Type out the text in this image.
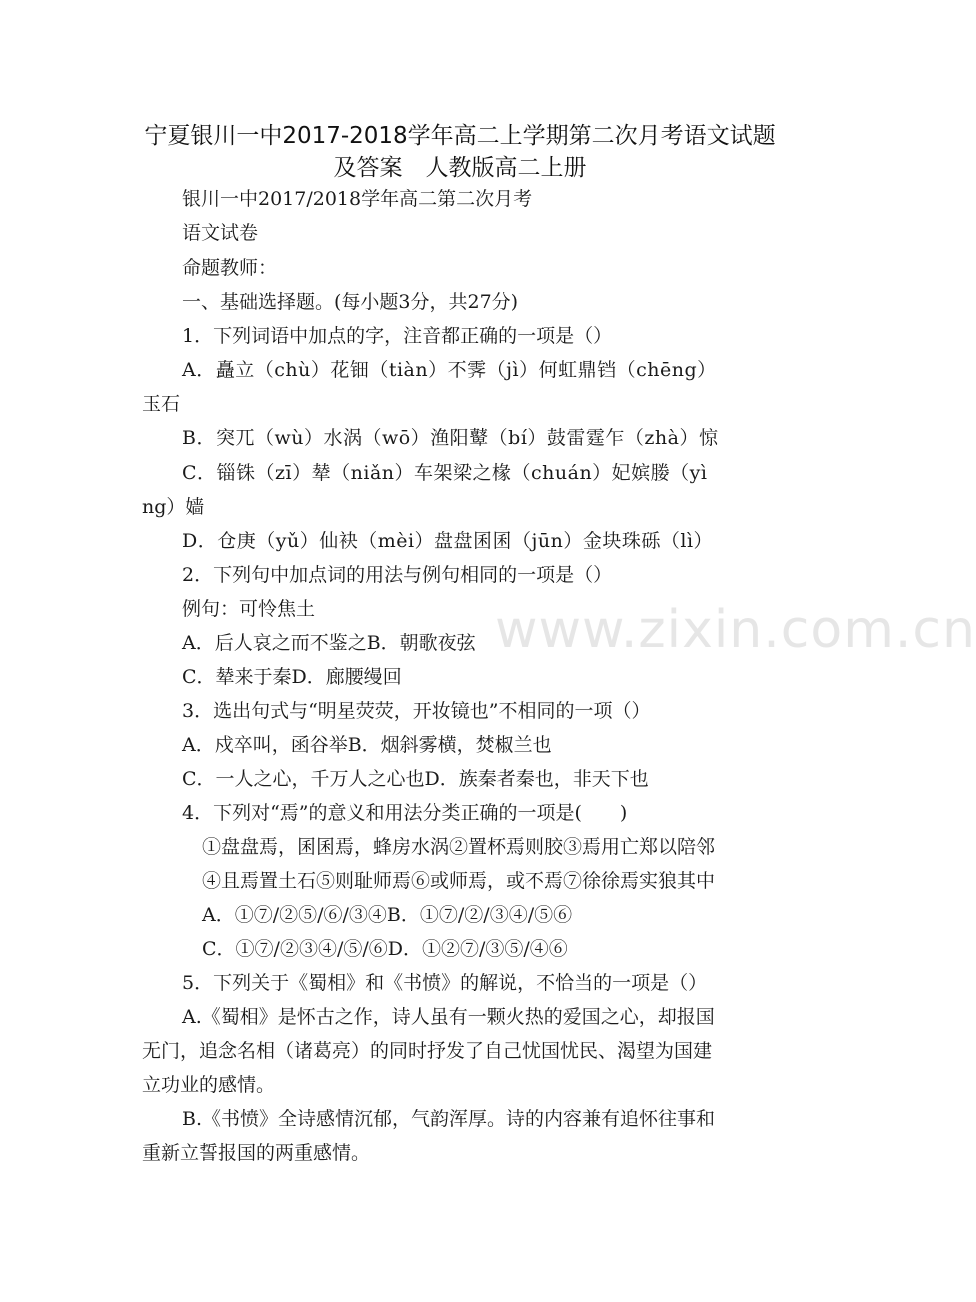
www.zixin.com.cn
宁夏银川一中2017-2018学年高二上学期第二次月考语文试题
及答案　人教版高二上册
银川一中2017/2018学年高二第二次月考
语文试卷
命题教师：
一、基础选择题。(每小题3分，共27分)
1．下列词语中加点的字，注音都正确的一项是（）
A．矗立（chù）花钿（tiàn）不霁（jì）何虹鼎铛（chēng）
玉石
B．突兀（wù）水涡（wō）渔阳鼙（bí）鼓雷霆乍（zhà）惊
C．锱铢（zī）辇（niǎn）车架梁之椽（chuán）妃嫔媵（yì
ng）嫱
D．仓庚（yǔ）仙袂（mèi）盘盘囷囷（jūn）金块珠砾（lì）
2．下列句中加点词的用法与例句相同的一项是（）
例句：可怜焦土
A．后人哀之而不鉴之B．朝歌夜弦
C．辇来于秦D．廊腰缦回
3．选出句式与“明星荧荧，开妆镜也”不相同的一项（）
A．戍卒叫，函谷举B．烟斜雾横，焚椒兰也
C．一人之心，千万人之心也D．族秦者秦也，非天下也
4．下列对“焉”的意义和用法分类正确的一项是(　　)
①盘盘焉，囷囷焉，蜂房水涡②置杯焉则胶③焉用亡郑以陪邻
④且焉置土石⑤则耻师焉⑥或师焉，或不焉⑦徐徐焉实狼其中
A．①⑦/②⑤/⑥/③④B．①⑦/②/③④/⑤⑥
C．①⑦/②③④/⑤/⑥D．①②⑦/③⑤/④⑥
5．下列关于《蜀相》和《书愤》的解说，不恰当的一项是（）
A.《蜀相》是怀古之作，诗人虽有一颗火热的爱国之心，却报国
无门，追念名相（诸葛亮）的同时抒发了自己忧国忧民、渴望为国建
立功业的感情。
B.《书愤》全诗感情沉郁，气韵浑厚。诗的内容兼有追怀往事和
重新立誓报国的两重感情。
